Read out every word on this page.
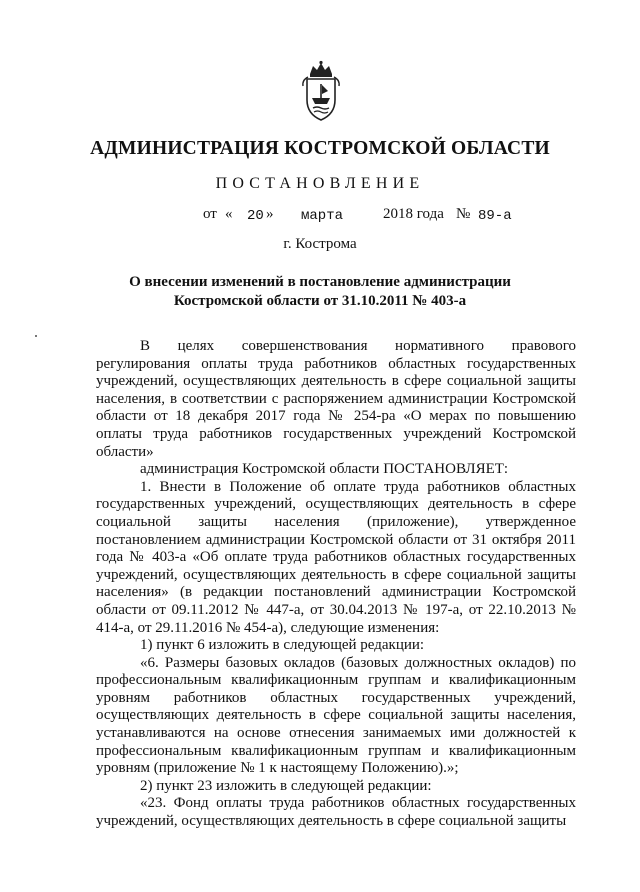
АДМИНИСТРАЦИЯ КОСТРОМСКОЙ ОБЛАСТИ
ПОСТАНОВЛЕНИЕ
от « 20 » марта	2018 года № 89-а
г. Кострома
О внесении изменений в постановление администрации
Костромской области от 31.10.2011 № 403-а

В целях совершенствования нормативного правового регулирования оплаты труда работников областных государственных учреждений, осуществляющих деятельность в сфере социальной защиты населения, в соответствии с распоряжением администрации Костромской области от 18 декабря 2017 года № 254-ра «О мерах по повышению оплаты труда работников государственных учреждений Костромской области»

администрация Костромской области ПОСТАНОВЛЯЕТ:

1. Внести в Положение об оплате труда работников областных государственных учреждений, осуществляющих деятельность в сфере социальной защиты населения (приложение), утвержденное постановлением администрации Костромской области от 31 октября 2011 года № 403-а «Об оплате труда работников областных государственных учреждений, осуществляющих деятельность в сфере социальной защиты населения» (в редакции постановлений администрации Костромской области от 09.11.2012 № 447-а, от 30.04.2013 № 197-а, от 22.10.2013 № 414-а, от 29.11.2016 № 454-а), следующие изменения:

1) пункт 6 изложить в следующей редакции:

«6. Размеры базовых окладов (базовых должностных окладов) по профессиональным квалификационным группам и квалификационным уровням работников областных государственных учреждений, осуществляющих деятельность в сфере социальной защиты населения, устанавливаются на основе отнесения занимаемых ими должностей к профессиональным квалификационным группам и квалификационным уровням (приложение № 1 к настоящему Положению).»;

2) пункт 23 изложить в следующей редакции:

«23. Фонд оплаты труда работников областных государственных учреждений, осуществляющих деятельность в сфере социальной защиты
